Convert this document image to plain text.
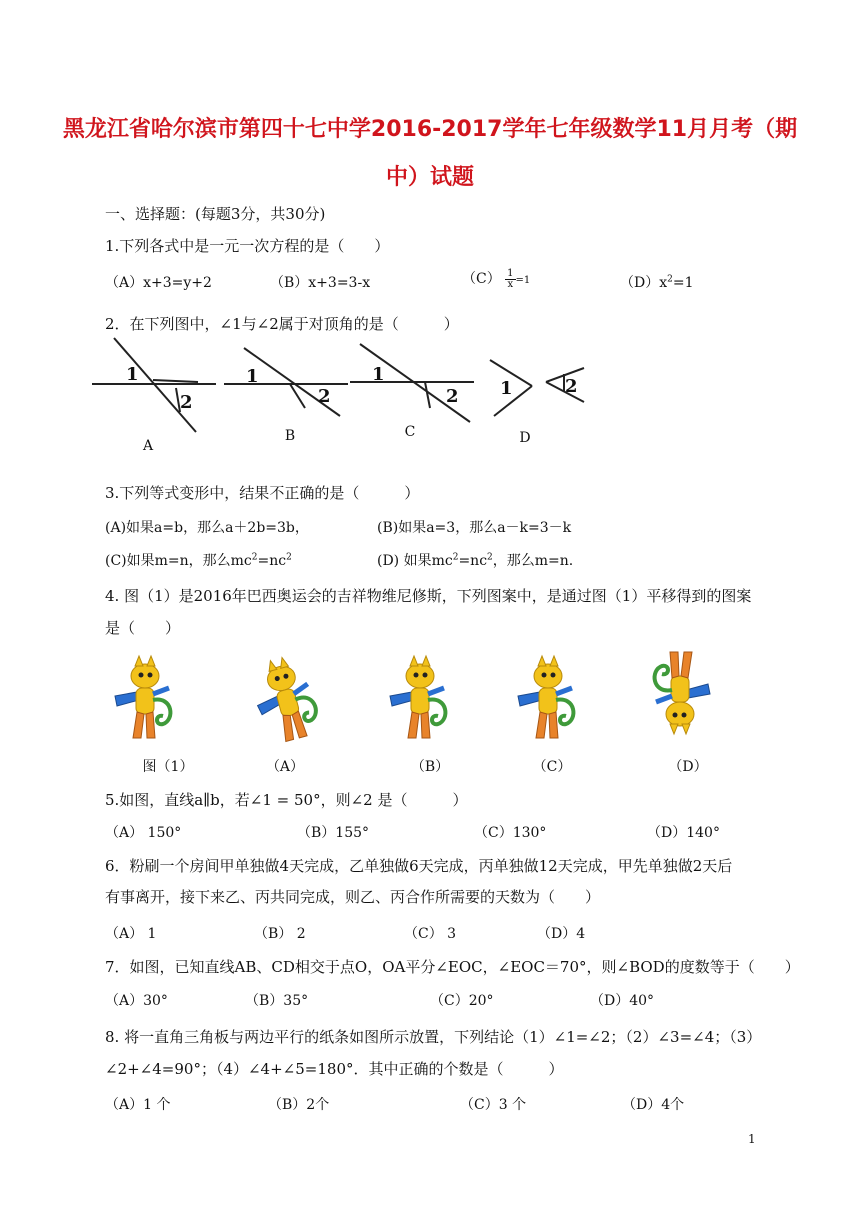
黑龙江省哈尔滨市第四十七中学2016-2017学年七年级数学11月月考（期
中）试题
一、选择题：(每题3分，共30分)
1.下列各式中是一元一次方程的是（　　）
（A）x+3=y+2	（B）x+3=3-x	$(C) \frac{1}{x} =1$	$(D)x^2=1$
2．在下列图中，∠1与∠2属于对顶角的是（　　　）
1
2
1
2
1
2 1	2
A
B	C	D
3.下列等式变形中，结果不正确的是（　　　）
(A)如果a=b，那么a＋2b=3b，	(B)如果a=3，那么a－k=3－k
(C)如果m=n，那么$mc^2=nc^2$	(D) 如果$mc^2=nc^2$，那么m=n.
4. 图（1）是2016年巴西奥运会的吉祥物维尼修斯，下列图案中，是通过图（1）平移得到的图案
是（　　）
图（1）	（A）	（B）	（C）	（D）
5.如图，直线a∥b，若∠1 = 50°，则∠2 是（　　　）
（A） 150°	（B）155°	（C）130°	（D）140°
6．粉刷一个房间甲单独做4天完成，乙单独做6天完成，丙单独做12天完成，甲先单独做2天后
有事离开，接下来乙、丙共同完成，则乙、丙合作所需要的天数为（　　）
（A） 1	（B） 2	（C） 3	（D）4
7．如图，已知直线AB、CD相交于点O，OA平分∠EOC，∠EOC＝70°，则∠BOD的度数等于（　　）
（A）30°	（B）35°	（C）20°	（D）40°
8. 将一直角三角板与两边平行的纸条如图所示放置，下列结论（1）∠1=∠2；（2）∠3=∠4；（3）
∠2+∠4=90°；（4）∠4+∠5=180°．其中正确的个数是（　　　）
（A）1 个	（B）2个	（C）3 个	（D）4个
1
